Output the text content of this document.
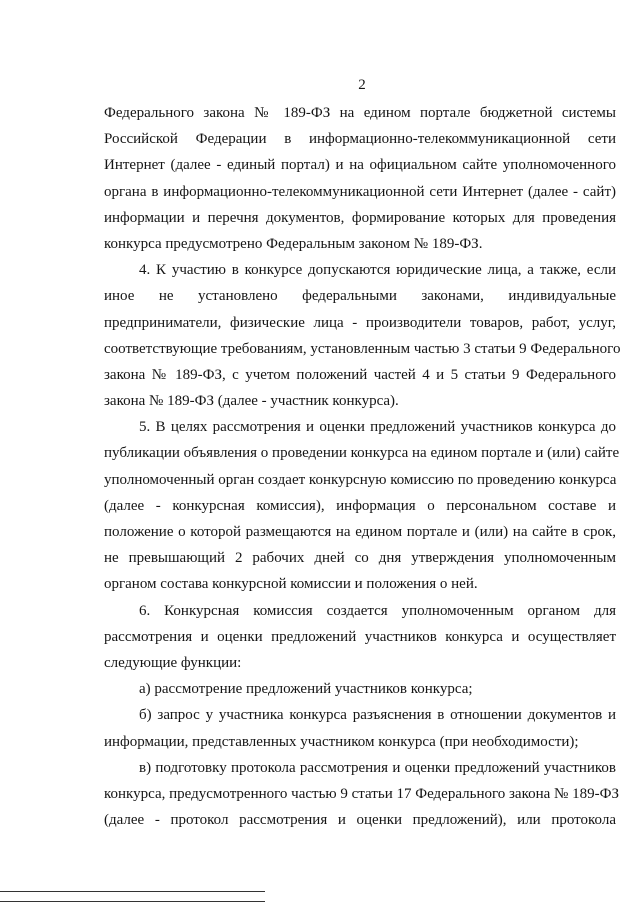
2
Федерального закона № 189-ФЗ на едином портале бюджетной системы
Российской Федерации в информационно-телекоммуникационной сети
Интернет (далее - единый портал) и на официальном сайте уполномоченного
органа в информационно-телекоммуникационной сети Интернет (далее - сайт)
информации и перечня документов, формирование которых для проведения
конкурса предусмотрено Федеральным законом № 189-ФЗ.
4. К участию в конкурсе допускаются юридические лица, а также, если
иное не установлено федеральными законами, индивидуальные
предприниматели, физические лица - производители товаров, работ, услуг,
соответствующие требованиям, установленным частью 3 статьи 9 Федерального
закона № 189-ФЗ, с учетом положений частей 4 и 5 статьи 9 Федерального
закона № 189-ФЗ (далее - участник конкурса).
5. В целях рассмотрения и оценки предложений участников конкурса до
публикации объявления о проведении конкурса на едином портале и (или) сайте
уполномоченный орган создает конкурсную комиссию по проведению конкурса
(далее - конкурсная комиссия), информация о персональном составе и
положение о которой размещаются на едином портале и (или) на сайте в срок,
не превышающий 2 рабочих дней со дня утверждения уполномоченным
органом состава конкурсной комиссии и положения о ней.
6. Конкурсная комиссия создается уполномоченным органом для
рассмотрения и оценки предложений участников конкурса и осуществляет
следующие функции:
а) рассмотрение предложений участников конкурса;
б) запрос у участника конкурса разъяснения в отношении документов и
информации, представленных участником конкурса (при необходимости);
в) подготовку протокола рассмотрения и оценки предложений участников
конкурса, предусмотренного частью 9 статьи 17 Федерального закона № 189-ФЗ
(далее - протокол рассмотрения и оценки предложений), или протокола
